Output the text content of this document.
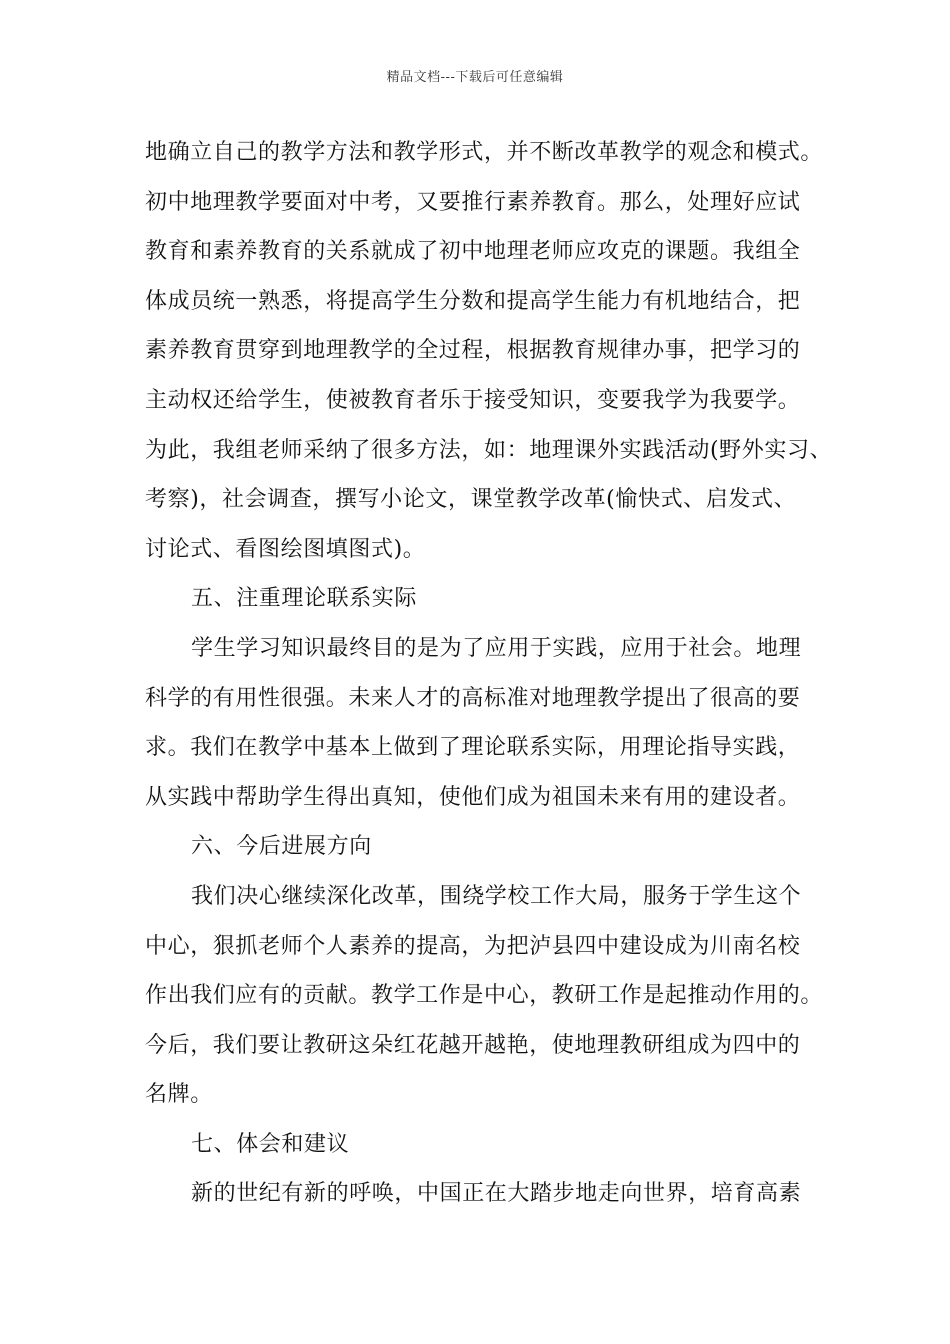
精品文档---下载后可任意编辑
地确立自己的教学方法和教学形式，并不断改革教学的观念和模式。
初中地理教学要面对中考，又要推行素养教育。那么，处理好应试
教育和素养教育的关系就成了初中地理老师应攻克的课题。我组全
体成员统一熟悉，将提高学生分数和提高学生能力有机地结合，把
素养教育贯穿到地理教学的全过程，根据教育规律办事，把学习的
主动权还给学生，使被教育者乐于接受知识，变要我学为我要学。
为此，我组老师采纳了很多方法，如：地理课外实践活动(野外实习、
考察)，社会调查，撰写小论文，课堂教学改革(愉快式、启发式、
讨论式、看图绘图填图式)。
五、注重理论联系实际
学生学习知识最终目的是为了应用于实践，应用于社会。地理
科学的有用性很强。未来人才的高标准对地理教学提出了很高的要
求。我们在教学中基本上做到了理论联系实际，用理论指导实践，
从实践中帮助学生得出真知，使他们成为祖国未来有用的建设者。
六、今后进展方向
我们决心继续深化改革，围绕学校工作大局，服务于学生这个
中心，狠抓老师个人素养的提高，为把泸县四中建设成为川南名校
作出我们应有的贡献。教学工作是中心，教研工作是起推动作用的。
今后，我们要让教研这朵红花越开越艳，使地理教研组成为四中的
名牌。
七、体会和建议
新的世纪有新的呼唤，中国正在大踏步地走向世界，培育高素
